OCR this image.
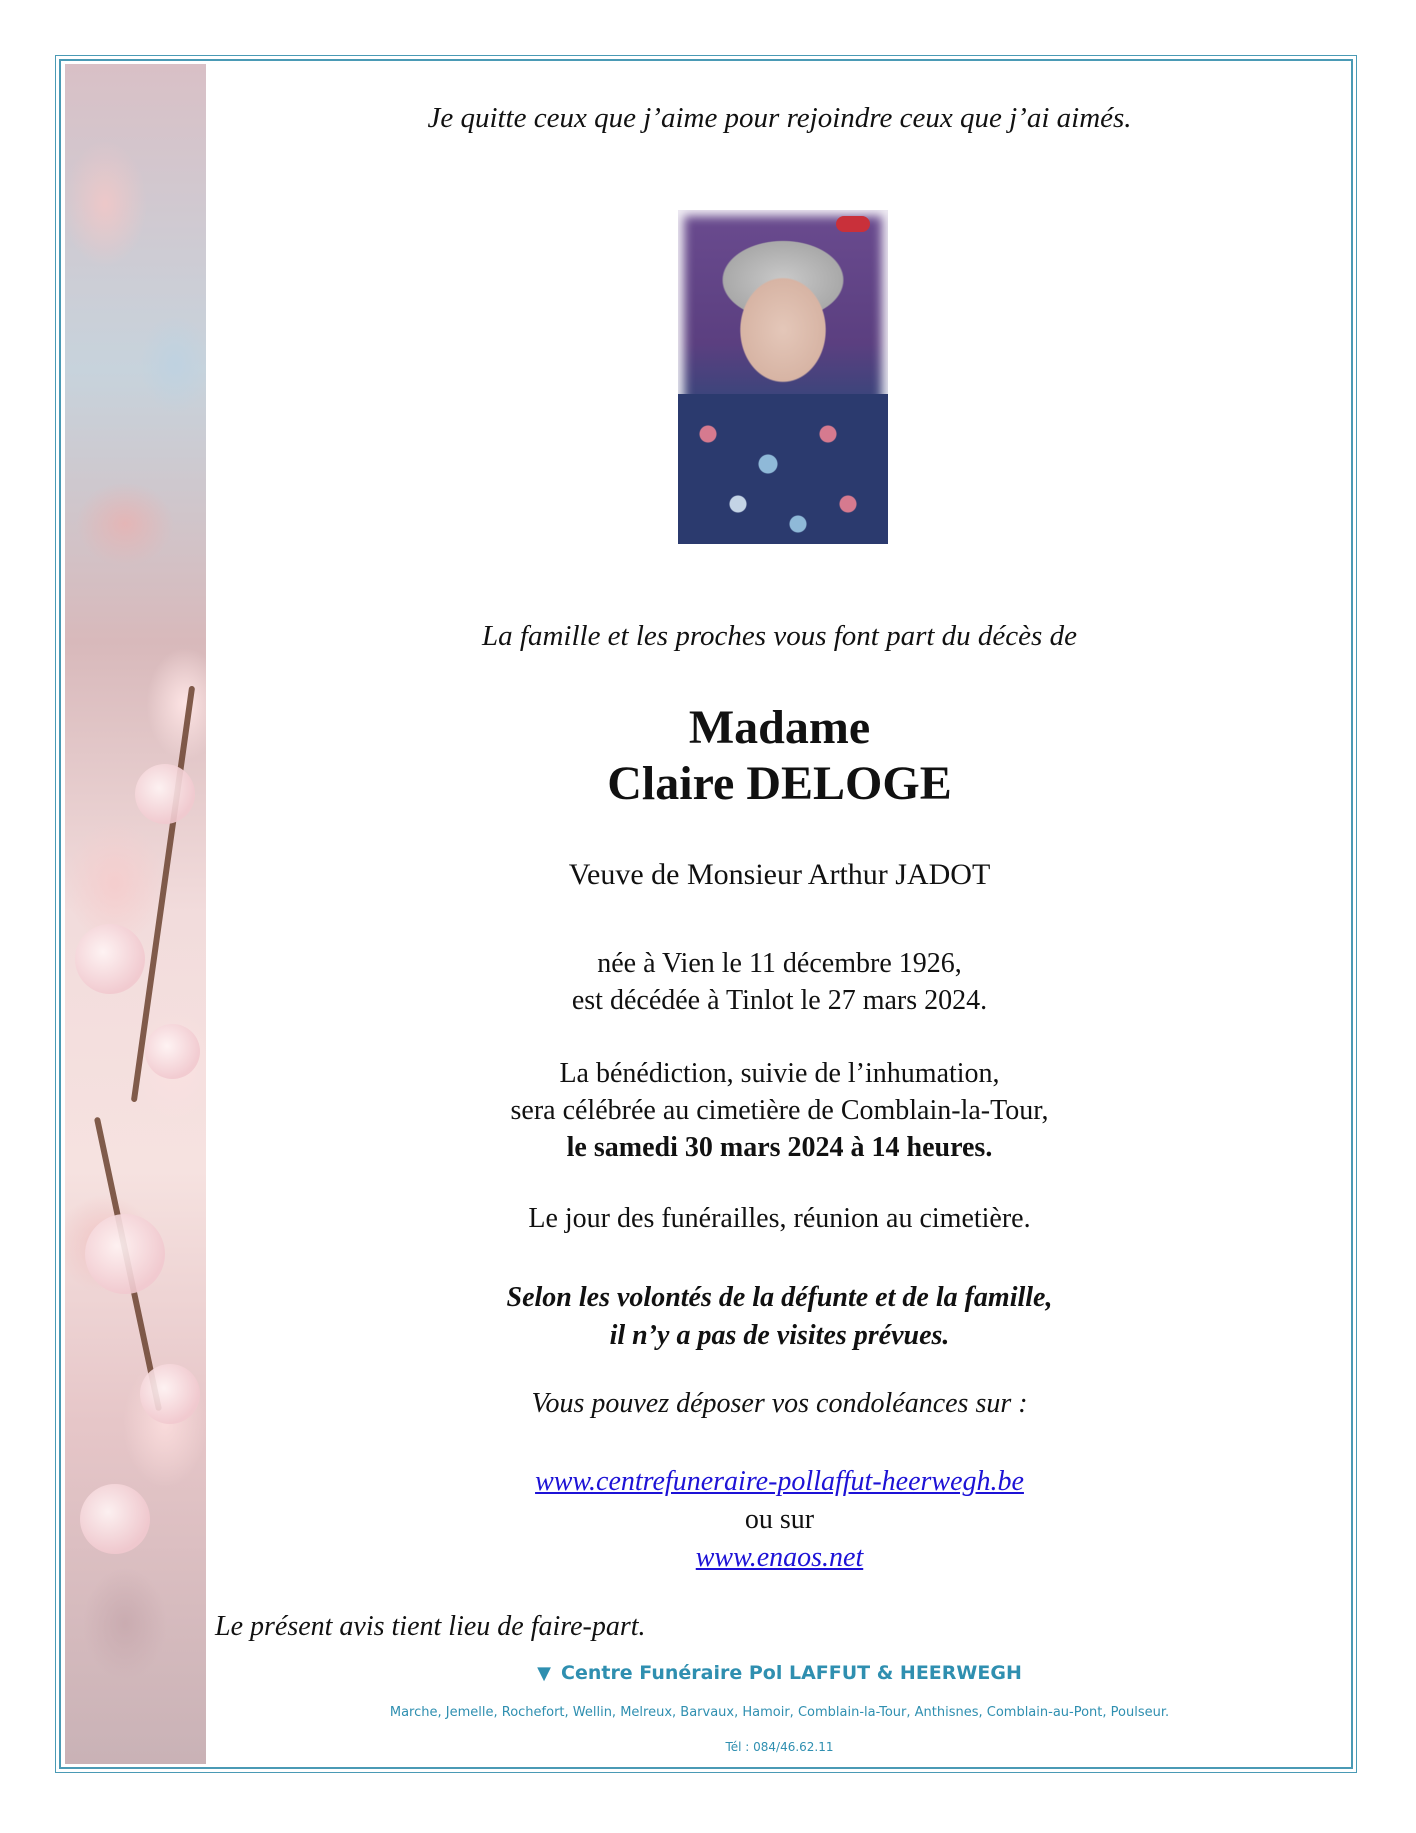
Je quitte ceux que j’aime pour rejoindre ceux que j’ai aimés.
La famille et les proches vous font part du décès de
Madame
Claire DELOGE
Veuve de Monsieur Arthur JADOT
née à Vien le 11 décembre 1926,
est décédée à Tinlot le 27 mars 2024.
La bénédiction, suivie de l’inhumation,
sera célébrée au cimetière de Comblain-la-Tour,
le samedi 30 mars 2024 à 14 heures.
Le jour des funérailles, réunion au cimetière.
Selon les volontés de la défunte et de la famille,
il n’y a pas de visites prévues.
Vous pouvez déposer vos condoléances sur :
www.centrefuneraire-pollaffut-heerwegh.be
ou sur
www.enaos.net
Le présent avis tient lieu de faire-part.
▼ Centre Funéraire Pol LAFFUT & HEERWEGH
Marche, Jemelle, Rochefort, Wellin, Melreux, Barvaux, Hamoir, Comblain-la-Tour, Anthisnes, Comblain-au-Pont, Poulseur.
Tél : 084/46.62.11
